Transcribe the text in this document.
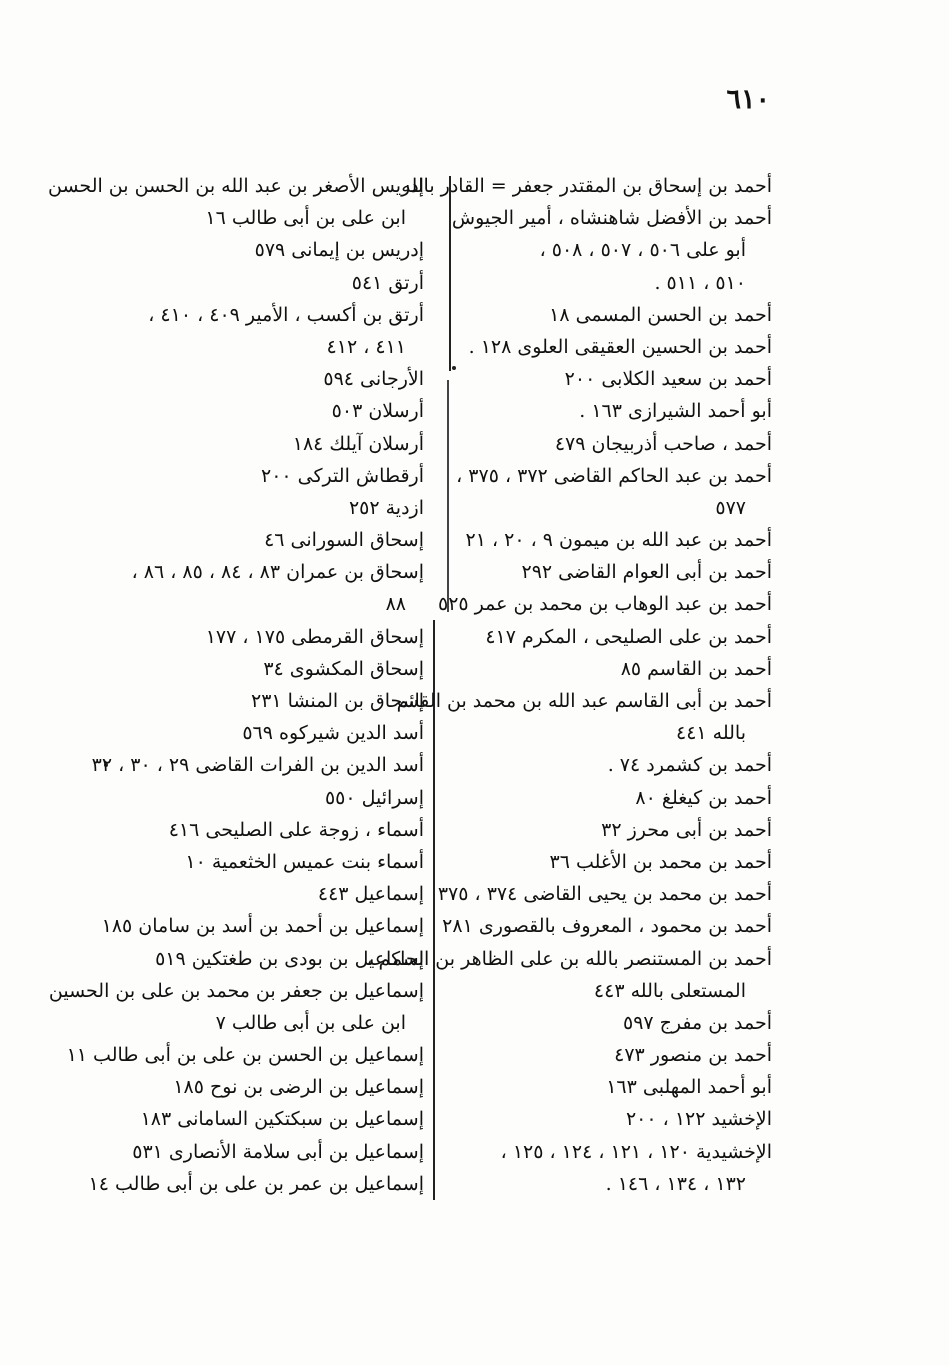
٦١٠
أحمد بن إسحاق بن المقتدر جعفر = القادر بالله
أحمد بن الأفضل شاهنشاه ، أمير الجيوش
أبو على ٥٠٦ ، ٥٠٧ ، ٥٠٨ ،
٥١٠ ، ٥١١ .
أحمد بن الحسن المسمى ١٨
أحمد بن الحسين العقيقى العلوى ١٢٨ .
أحمد بن سعيد الكلابى ٢٠٠
أبو أحمد الشيرازى ١٦٣ .
أحمد ، صاحب أذربيجان ٤٧٩
أحمد بن عبد الحاكم القاضى ٣٧٢ ، ٣٧٥ ،
٥٧٧
أحمد بن عبد الله بن ميمون ٩ ، ٢٠ ، ٢١
أحمد بن أبى العوام القاضى ٢٩٢
أحمد بن عبد الوهاب بن محمد بن عمر ٥٢٥
أحمد بن على الصليحى ، المكرم ٤١٧
أحمد بن القاسم ٨٥
أحمد بن أبى القاسم عبد الله بن محمد بن القائم
بالله ٤٤١
أحمد بن كشمرد ٧٤ .
أحمد بن كيغلغ ٨٠
أحمد بن أبى محرز ٣٢
أحمد بن محمد بن الأغلب ٣٦
أحمد بن محمد بن يحيى القاضى ٣٧٤ ، ٣٧٥
أحمد بن محمود ، المعروف بالقصورى ٢٨١
أحمد بن المستنصر بالله بن على الظاهر بن الحاكم ،
المستعلى بالله ٤٤٣
أحمد بن مفرج ٥٩٧
أحمد بن منصور ٤٧٣
أبو أحمد المهلبى ١٦٣
الإخشيد ١٢٢ ، ٢٠٠
الإخشيدية ١٢٠ ، ١٢١ ، ١٢٤ ، ١٢٥ ،
١٣٢ ، ١٣٤ ، ١٤٦ .
إدريس الأصغر بن عبد الله بن الحسن بن الحسن
ابن على بن أبى طالب ١٦
إدريس بن إيمانى ٥٧٩
أرتق ٥٤١
أرتق بن أكسب ، الأمير ٤٠٩ ، ٤١٠ ،
٤١١ ، ٤١٢
الأرجانى ٥٩٤
أرسلان ٥٠٣
أرسلان آيلك ١٨٤
أرقطاش التركى ٢٠٠
ازدية ٢٥٢
إسحاق السورانى ٤٦
إسحاق بن عمران ٨٣ ، ٨٤ ، ٨٥ ، ٨٦ ،
٨٨
إسحاق القرمطى ١٧٥ ، ١٧٧
إسحاق المكشوى ٣٤
إسحاق بن المنشا ٢٣١
أسد الدين شيركوه ٥٦٩
أسد الدين بن الفرات القاضى ٢٩ ، ٣٠ ، ٣٢
إسرائيل ٥٥٠
أسماء ، زوجة على الصليحى ٤١٦
أسماء بنت عميس الخثعمية ١٠
إسماعيل ٤٤٣
إسماعيل بن أحمد بن أسد بن سامان ١٨٥
إسماعيل بن بودى بن طغتكين ٥١٩
إسماعيل بن جعفر بن محمد بن على بن الحسين
ابن على بن أبى طالب ٧
إسماعيل بن الحسن بن على بن أبى طالب ١١
إسماعيل بن الرضى بن نوح ١٨٥
إسماعيل بن سبكتكين السامانى ١٨٣
إسماعيل بن أبى سلامة الأنصارى ٥٣١
إسماعيل بن عمر بن على بن أبى طالب ١٤
